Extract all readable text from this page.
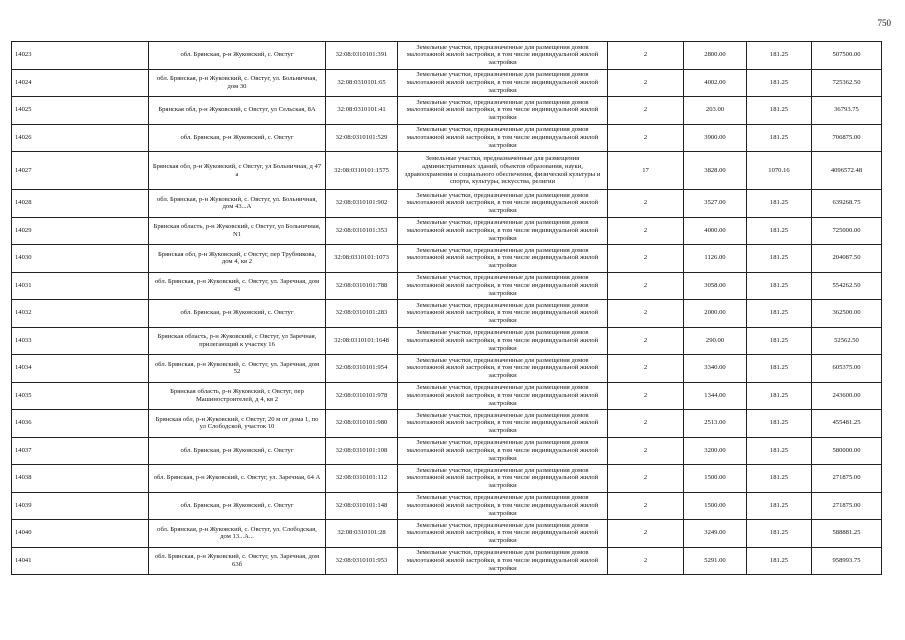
750
14023	обл. Брянская, р-н Жуковский, с. Овстуг	32:08:0310101:391	Земельные участки, предназначенные для размещения домов малоэтажной жилой застройки, в том числе индивидуальной жилой застройки	2	2800.00	181.25	507500.00
14024	обл. Брянская, р-н Жуковский, с. Овстуг, ул. Больничная, дом 30	32:08:0310101:65	Земельные участки, предназначенные для размещения домов малоэтажной жилой застройки, в том числе индивидуальной жилой застройки	2	4002.00	181.25	725362.50
14025	Брянская обл, р-н Жуковский, с Овстуг, ул Сельская, 8А	32:08:0310101:41	Земельные участки, предназначенные для размещения домов малоэтажной жилой застройки, в том числе индивидуальной жилой застройки	2	203.00	181.25	36793.75
14026	обл. Брянская, р-н Жуковский, с. Овстуг	32:08:0310101:529	Земельные участки, предназначенные для размещения домов малоэтажной жилой застройки, в том числе индивидуальной жилой застройки	2	3900.00	181.25	706875.00
14027	Брянская обл, р-н Жуковский, с Овстуг, ул Больничная, д 47 а	32:08:0310101:1575	Земельные участки, предназначенные для размещения административных зданий, объектов образования, науки, здравоохранения и социального обеспечения, физической культуры и спорта, культуры, искусства, религии	17	3828.00	1070.16	4096572.48
14028	обл. Брянская, р-н Жуковский, с. Овстуг, ул. Больничная, дом 43...А	32:08:0310101:902	Земельные участки, предназначенные для размещения домов малоэтажной жилой застройки, в том числе индивидуальной жилой застройки	2	3527.00	181.25	639268.75
14029	Брянская область, р-н Жуковский, с Овстуг, ул Больничная, N1	32:08:0310101:353	Земельные участки, предназначенные для размещения домов малоэтажной жилой застройки, в том числе индивидуальной жилой застройки	2	4000.00	181.25	725000.00
14030	Брянская обл, р-н Жуковский, с Овстуг, пер Трубникова, дом 4, кв 2	32:08:0310101:1073	Земельные участки, предназначенные для размещения домов малоэтажной жилой застройки, в том числе индивидуальной жилой застройки	2	1126.00	181.25	204087.50
14031	обл. Брянская, р-н Жуковский, с. Овстуг, ул. Заречная, дом 43	32:08:0310101:788	Земельные участки, предназначенные для размещения домов малоэтажной жилой застройки, в том числе индивидуальной жилой застройки	2	3058.00	181.25	554262.50
14032	обл. Брянская, р-н Жуковский, с. Овстуг	32:08:0310101:283	Земельные участки, предназначенные для размещения домов малоэтажной жилой застройки, в том числе индивидуальной жилой застройки	2	2000.00	181.25	362500.00
14033	Брянская область, р-н Жуковский, с Овстуг, ул Заречная, прилегающий к участку 16	32:08:0310101:1648	Земельные участки, предназначенные для размещения домов малоэтажной жилой застройки, в том числе индивидуальной жилой застройки	2	290.00	181.25	52562.50
14034	обл. Брянская, р-н Жуковский, с. Овстуг, ул. Заречная, дом 52	32:08:0310101:954	Земельные участки, предназначенные для размещения домов малоэтажной жилой застройки, в том числе индивидуальной жилой застройки	2	3340.00	181.25	605375.00
14035	Брянская область, р-н Жуковский, с Овстуг, пер Машиностроителей, д 4, кв 2	32:08:0310101:978	Земельные участки, предназначенные для размещения домов малоэтажной жилой застройки, в том числе индивидуальной жилой застройки	2	1344.00	181.25	243600.00
14036	Брянская обл, р-н Жуковский, с Овстуг, 20 м от дома 1, по ул Слободской, участок 10	32:08:0310101:980	Земельные участки, предназначенные для размещения домов малоэтажной жилой застройки, в том числе индивидуальной жилой застройки	2	2513.00	181.25	455481.25
14037	обл. Брянская, р-н Жуковский, с. Овстуг	32:08:0310101:108	Земельные участки, предназначенные для размещения домов малоэтажной жилой застройки, в том числе индивидуальной жилой застройки	2	3200.00	181.25	580000.00
14038	обл. Брянская, р-н Жуковский, с. Овстуг, ул. Заречная, 64 А	32:08:0310101:112	Земельные участки, предназначенные для размещения домов малоэтажной жилой застройки, в том числе индивидуальной жилой застройки	2	1500.00	181.25	271875.00
14039	обл. Брянская, р-н Жуковский, с. Овстуг	32:08:0310101:148	Земельные участки, предназначенные для размещения домов малоэтажной жилой застройки, в том числе индивидуальной жилой застройки	2	1500.00	181.25	271875.00
14040	обл. Брянская, р-н Жуковский, с. Овстуг, ул. Слободская, дом 13...А...	32:08:0310101:28	Земельные участки, предназначенные для размещения домов малоэтажной жилой застройки, в том числе индивидуальной жилой застройки	2	3249.00	181.25	588881.25
14041	обл. Брянская, р-н Жуковский, с. Овстуг, ул. Заречная, дом 63б	32:08:0310101:953	Земельные участки, предназначенные для размещения домов малоэтажной жилой застройки, в том числе индивидуальной жилой застройки	2	5291.00	181.25	958993.75
